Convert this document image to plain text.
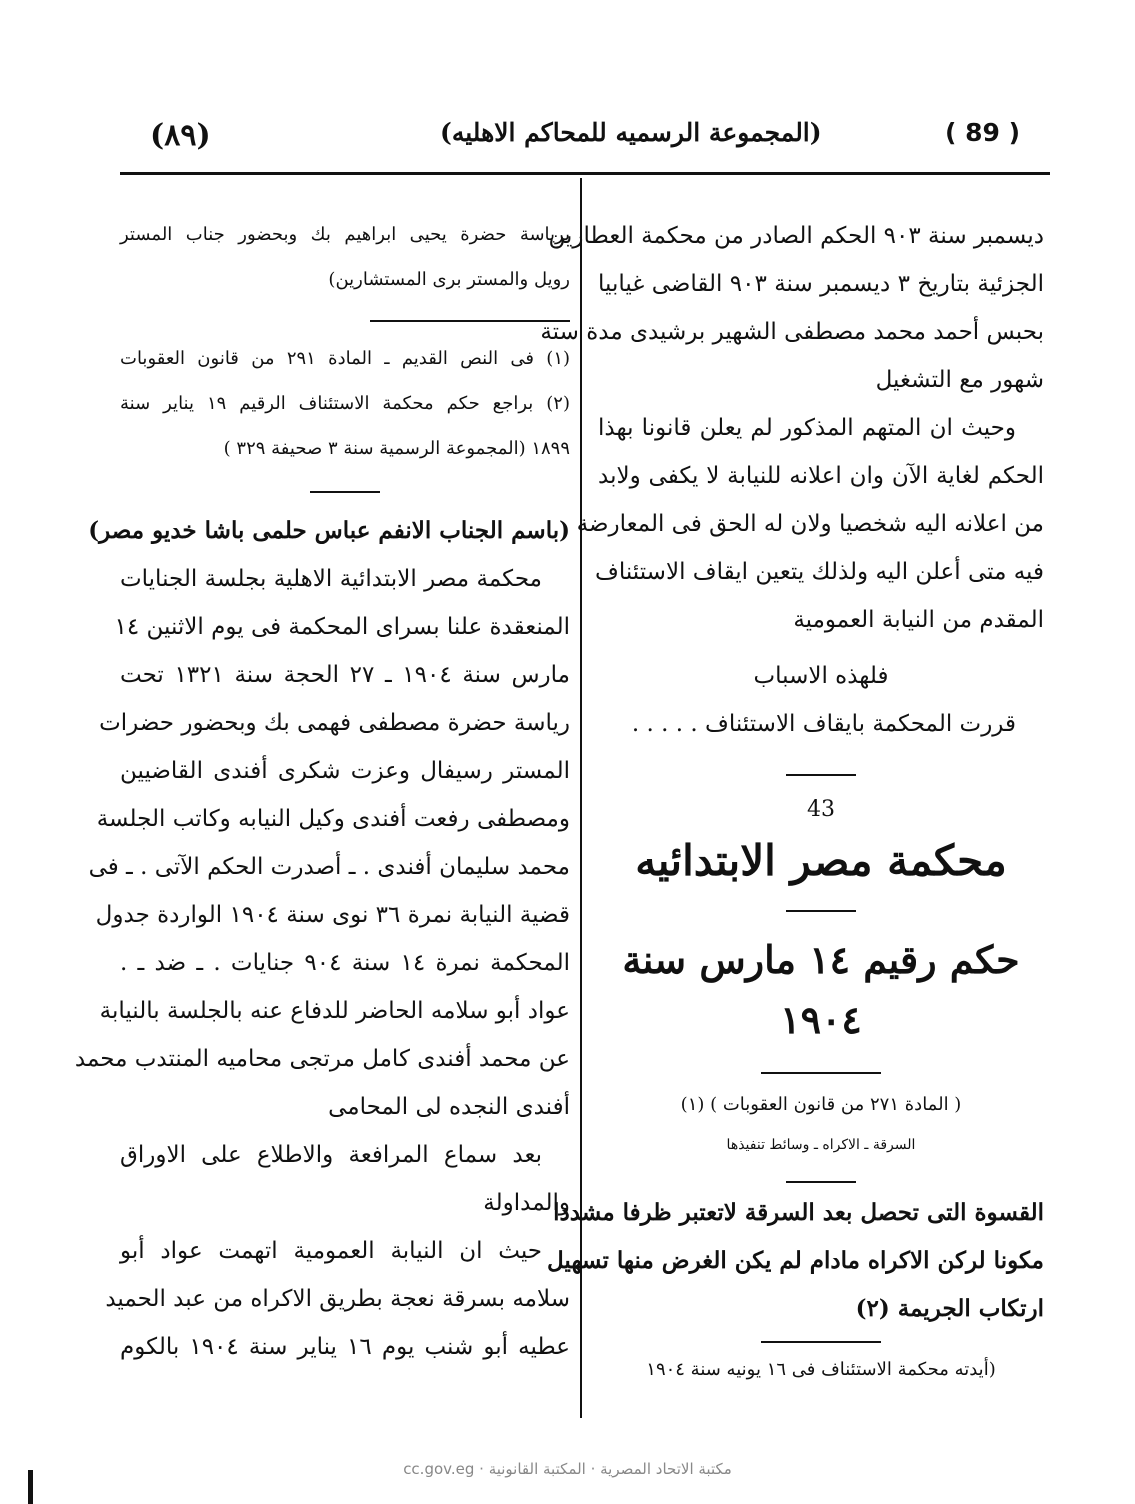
(٨٩)	(المجموعة الرسميه للمحاكم الاهليه)	( 89 )
برياسة حضرة يحيى ابراهيم بك وبحضور جناب المستر
رويل والمستر برى المستشارين)
(١) فى النص القديم ـ المادة ٢٩١ من قانون العقوبات
(٢) براجع حكم محكمة الاستئناف الرقيم ١٩ يناير سنة
١٨٩٩ (المجموعة الرسمية سنة ٣ صحيفة ٣٢٩ )
(باسم الجناب الانفم عباس حلمى باشا خديو مصر)
محكمة مصر الابتدائية الاهلية بجلسة الجنايات
المنعقدة علنا بسراى المحكمة فى يوم الاثنين ١٤
مارس سنة ١٩٠٤ ـ ٢٧ الحجة سنة ١٣٢١ تحت
رياسة حضرة مصطفى فهمى بك وبحضور حضرات
المستر رسيفال وعزت شكرى أفندى القاضيين
ومصطفى رفعت أفندى وكيل النيابه وكاتب الجلسة
محمد سليمان أفندى . ـ أصدرت الحكم الآتى . ـ فى
قضية النيابة نمرة ٣٦ نوى سنة ١٩٠٤ الواردة جدول
المحكمة نمرة ١٤ سنة ٩٠٤ جنايات . ـ ضد ـ .
عواد أبو سلامه الحاضر للدفاع عنه بالجلسة بالنيابة
عن محمد أفندى كامل مرتجى محاميه المنتدب محمد
أفندى النجده لى المحامى
بعد سماع المرافعة والاطلاع على الاوراق
والمداولة
حيث ان النيابة العمومية اتهمت عواد أبو
سلامه بسرقة نعجة بطريق الاكراه من عبد الحميد
عطيه أبو شنب يوم ١٦ يناير سنة ١٩٠٤ بالكوم
ديسمبر سنة ٩٠٣ الحكم الصادر من محكمة العطارين
الجزئية بتاريخ ٣ ديسمبر سنة ٩٠٣ القاضى غيابيا
بحبس أحمد محمد مصطفى الشهير برشيدى مدة ستة
شهور مع التشغيل
وحيث ان المتهم المذكور لم يعلن قانونا بهذا
الحكم لغاية الآن وان اعلانه للنيابة لا يكفى ولابد
من اعلانه اليه شخصيا ولان له الحق فى المعارضة
فيه متى أعلن اليه ولذلك يتعين ايقاف الاستئناف
المقدم من النيابة العمومية
فلهذه الاسباب
قررت المحكمة بايقاف الاستئناف . . . . .
43
محكمة مصر الابتدائيه
حكم رقيم ١٤ مارس سنة ١٩٠٤
( المادة ٢٧١ من قانون العقوبات ) (١)
السرقة ـ الاكراه ـ وسائط تنفيذها
القسوة التى تحصل بعد السرقة لاتعتبر ظرفا مشددا
مكونا لركن الاكراه مادام لم يكن الغرض منها تسهيل
ارتكاب الجريمة (٢)
(أيدته محكمة الاستئناف فى ١٦ يونيه سنة ١٩٠٤
cc.gov.eg · مكتبة الاتحاد المصرية · المكتبة القانونية
